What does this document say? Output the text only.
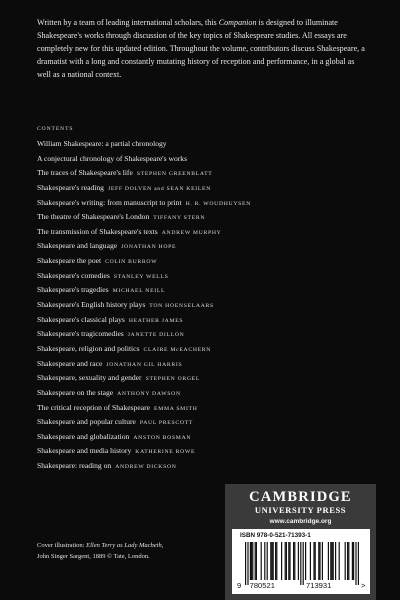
Written by a team of leading international scholars, this Companion is designed to illuminate Shakespeare's works through discussion of the key topics of Shakespeare studies. All essays are completely new for this updated edition. Throughout the volume, contributors discuss Shakespeare, a dramatist with a long and constantly mutating history of reception and performance, in a global as well as a national context.
CONTENTS
William Shakespeare: a partial chronology
A conjectural chronology of Shakespeare's works
The traces of Shakespeare's life STEPHEN GREENBLATT
Shakespeare's reading JEFF DOLVEN and SEAN KEILEN
Shakespeare's writing: from manuscript to print H. R. WOUDHUYSEN
The theatre of Shakespeare's London TIFFANY STERN
The transmission of Shakespeare's texts ANDREW MURPHY
Shakespeare and language JONATHAN HOPE
Shakespeare the poet COLIN BURROW
Shakespeare's comedies STANLEY WELLS
Shakespeare's tragedies MICHAEL NEILL
Shakespeare's English history plays TON HOENSELAARS
Shakespeare's classical plays HEATHER JAMES
Shakespeare's tragicomedies JANETTE DILLON
Shakespeare, religion and politics CLAIRE McEACHERN
Shakespeare and race JONATHAN GIL HARRIS
Shakespeare, sexuality and gender STEPHEN ORGEL
Shakespeare on the stage ANTHONY DAWSON
The critical reception of Shakespeare EMMA SMITH
Shakespeare and popular culture PAUL PRESCOTT
Shakespeare and globalization ANSTON BOSMAN
Shakespeare and media history KATHERINE ROWE
Shakespeare: reading on ANDREW DICKSON
Cover illustration: Ellen Terry as Lady Macbeth,
John Singer Sargent, 1889 © Tate, London.
CAMBRIDGE
UNIVERSITY PRESS
www.cambridge.org
ISBN 978-0-521-71393-1
9 780521	713931	>
